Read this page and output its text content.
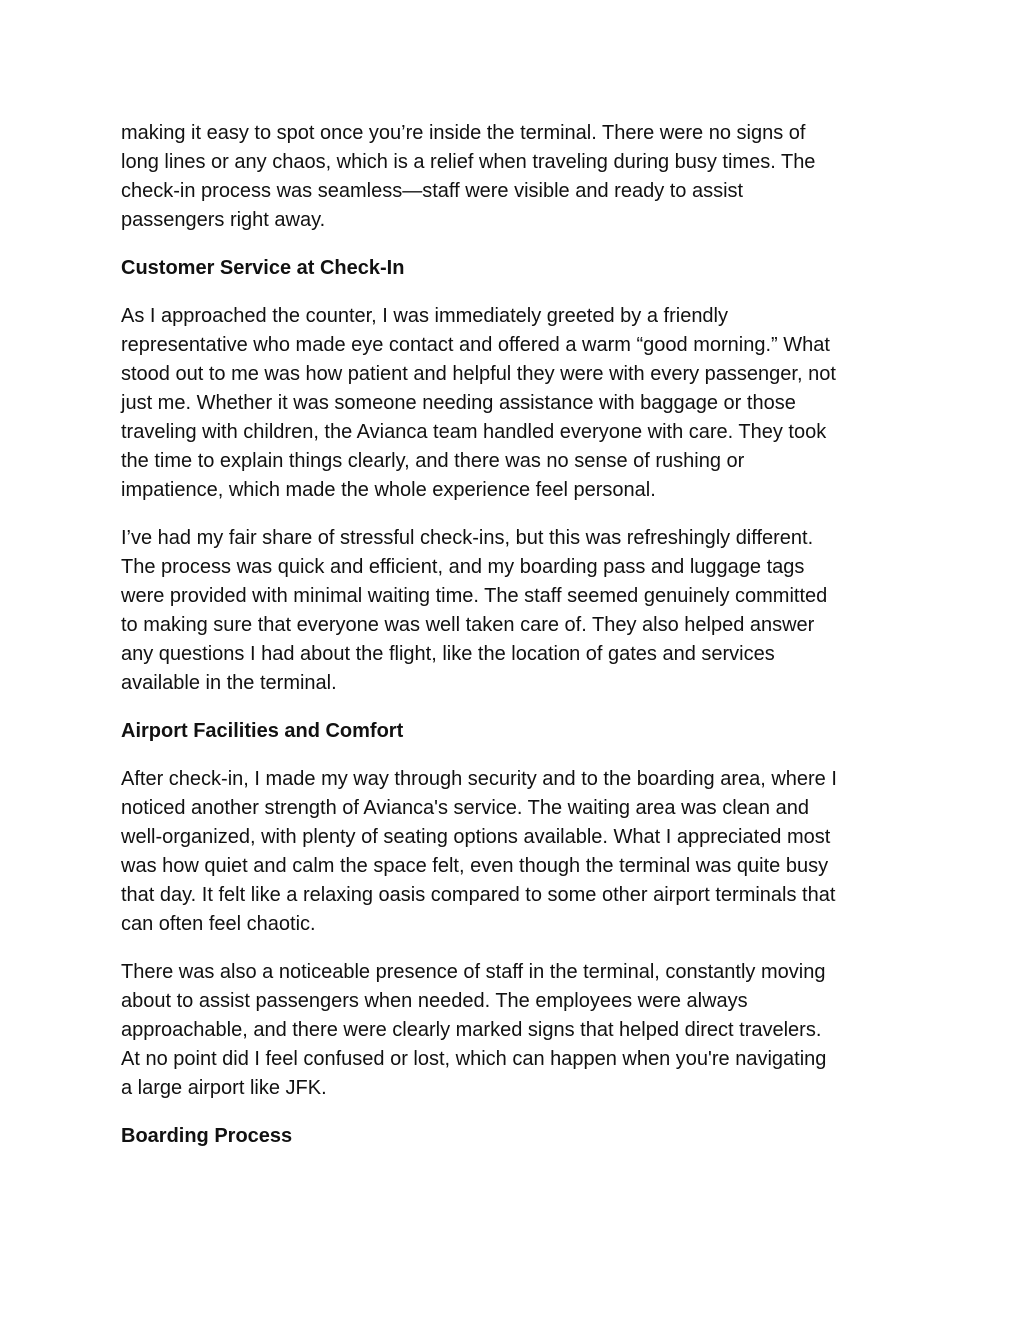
making it easy to spot once you’re inside the terminal. There were no signs of
long lines or any chaos, which is a relief when traveling during busy times. The
check-in process was seamless—staff were visible and ready to assist
passengers right away.

Customer Service at Check-In

As I approached the counter, I was immediately greeted by a friendly
representative who made eye contact and offered a warm “good morning.” What
stood out to me was how patient and helpful they were with every passenger, not
just me. Whether it was someone needing assistance with baggage or those
traveling with children, the Avianca team handled everyone with care. They took
the time to explain things clearly, and there was no sense of rushing or
impatience, which made the whole experience feel personal.

I’ve had my fair share of stressful check-ins, but this was refreshingly different.
The process was quick and efficient, and my boarding pass and luggage tags
were provided with minimal waiting time. The staff seemed genuinely committed
to making sure that everyone was well taken care of. They also helped answer
any questions I had about the flight, like the location of gates and services
available in the terminal.

Airport Facilities and Comfort

After check-in, I made my way through security and to the boarding area, where I
noticed another strength of Avianca's service. The waiting area was clean and
well-organized, with plenty of seating options available. What I appreciated most
was how quiet and calm the space felt, even though the terminal was quite busy
that day. It felt like a relaxing oasis compared to some other airport terminals that
can often feel chaotic.

There was also a noticeable presence of staff in the terminal, constantly moving
about to assist passengers when needed. The employees were always
approachable, and there were clearly marked signs that helped direct travelers.
At no point did I feel confused or lost, which can happen when you're navigating
a large airport like JFK.

Boarding Process
